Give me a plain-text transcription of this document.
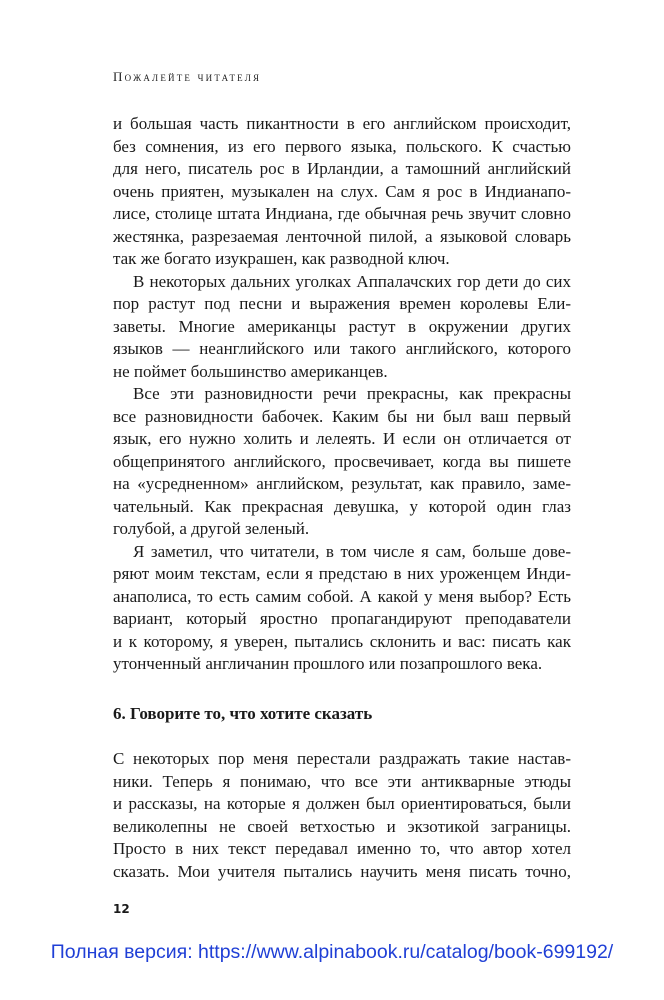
Пожалейте читателя
и большая часть пикантности в его английском происходит,
без сомнения, из его первого языка, польского. К счастью
для него, писатель рос в Ирландии, а тамошний английский
очень приятен, музыкален на слух. Сам я рос в Индианапо-
лисе, столице штата Индиана, где обычная речь звучит словно
жестянка, разрезаемая ленточной пилой, а языковой словарь
так же богато изукрашен, как разводной ключ.
В некоторых дальних уголках Аппалачских гор дети до сих
пор растут под песни и выражения времен королевы Ели-
заветы. Многие американцы растут в окружении других
языков — неанглийского или такого английского, которого
не поймет большинство американцев.
Все эти разновидности речи прекрасны, как прекрасны
все разновидности бабочек. Каким бы ни был ваш первый
язык, его нужно холить и лелеять. И если он отличается от
общепринятого английского, просвечивает, когда вы пишете
на «усредненном» английском, результат, как правило, заме-
чательный. Как прекрасная девушка, у которой один глаз
голубой, а другой зеленый.
Я заметил, что читатели, в том числе я сам, больше дове-
ряют моим текстам, если я предстаю в них уроженцем Инди-
анаполиса, то есть самим собой. А какой у меня выбор? Есть
вариант, который яростно пропагандируют преподаватели
и к которому, я уверен, пытались склонить и вас: писать как
утонченный англичанин прошлого или позапрошлого века.
6. Говорите то, что хотите сказать
С некоторых пор меня перестали раздражать такие настав-
ники. Теперь я понимаю, что все эти антикварные этюды
и рассказы, на которые я должен был ориентироваться, были
великолепны не своей ветхостью и экзотикой заграницы.
Просто в них текст передавал именно то, что автор хотел
сказать. Мои учителя пытались научить меня писать точно,
12
Полная версия: https://www.alpinabook.ru/catalog/book-699192/
